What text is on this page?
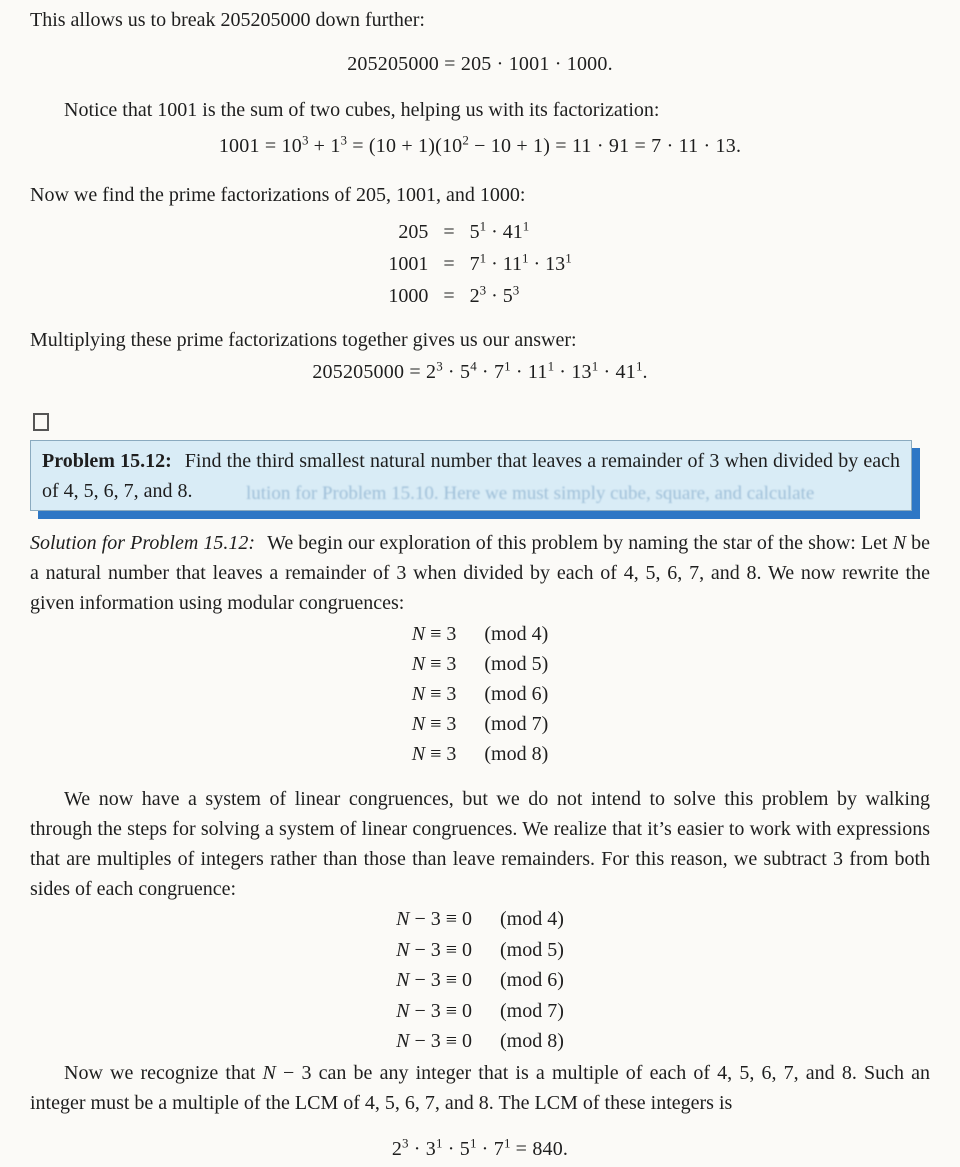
This allows us to break 205205000 down further:

205205000 = 205 · 1001 · 1000.

Notice that 1001 is the sum of two cubes, helping us with its factorization:

$1001 = 10^3 + 1^3 = (10 + 1)(10^2 - 10 + 1) = 11 \cdot 91 = 7 \cdot 11 \cdot 13$.

Now we find the prime factorizations of 205, 1001, and 1000:

$205 = 5^1 \cdot 41^1$
$1001 = 7^1 \cdot 11^1 \cdot 13^1$
$1000 = 2^3 \cdot 5^3$

Multiplying these prime factorizations together gives us our answer:

$205205000 = 2^3 \cdot 5^4 \cdot 7^1 \cdot 11^1 \cdot 13^1 \cdot 41^1$.

Problem 15.12: Find the third smallest natural number that leaves a remainder of 3 when divided by each of 4, 5, 6, 7, and 8.	lution for Problem 15.10. Here we must simply cube, square, and calculate

Solution for Problem 15.12: We begin our exploration of this problem by naming the star of the show: Let N be a natural number that leaves a remainder of 3 when divided by each of 4, 5, 6, 7, and 8. We now rewrite the given information using modular congruences:

N ≡ 3 (mod 4)
N ≡ 3 (mod 5)
N ≡ 3 (mod 6)
N ≡ 3 (mod 7)
N ≡ 3 (mod 8)

We now have a system of linear congruences, but we do not intend to solve this problem by walking through the steps for solving a system of linear congruences. We realize that it’s easier to work with expressions that are multiples of integers rather than those than leave remainders. For this reason, we subtract 3 from both sides of each congruence:

N − 3 ≡ 0 (mod 4)
N − 3 ≡ 0 (mod 5)
N − 3 ≡ 0 (mod 6)
N − 3 ≡ 0 (mod 7)
N − 3 ≡ 0 (mod 8)

Now we recognize that N − 3 can be any integer that is a multiple of each of 4, 5, 6, 7, and 8. Such an integer must be a multiple of the LCM of 4, 5, 6, 7, and 8. The LCM of these integers is

$2^3 \cdot 3^1 \cdot 5^1 \cdot 7^1 = 840$.
